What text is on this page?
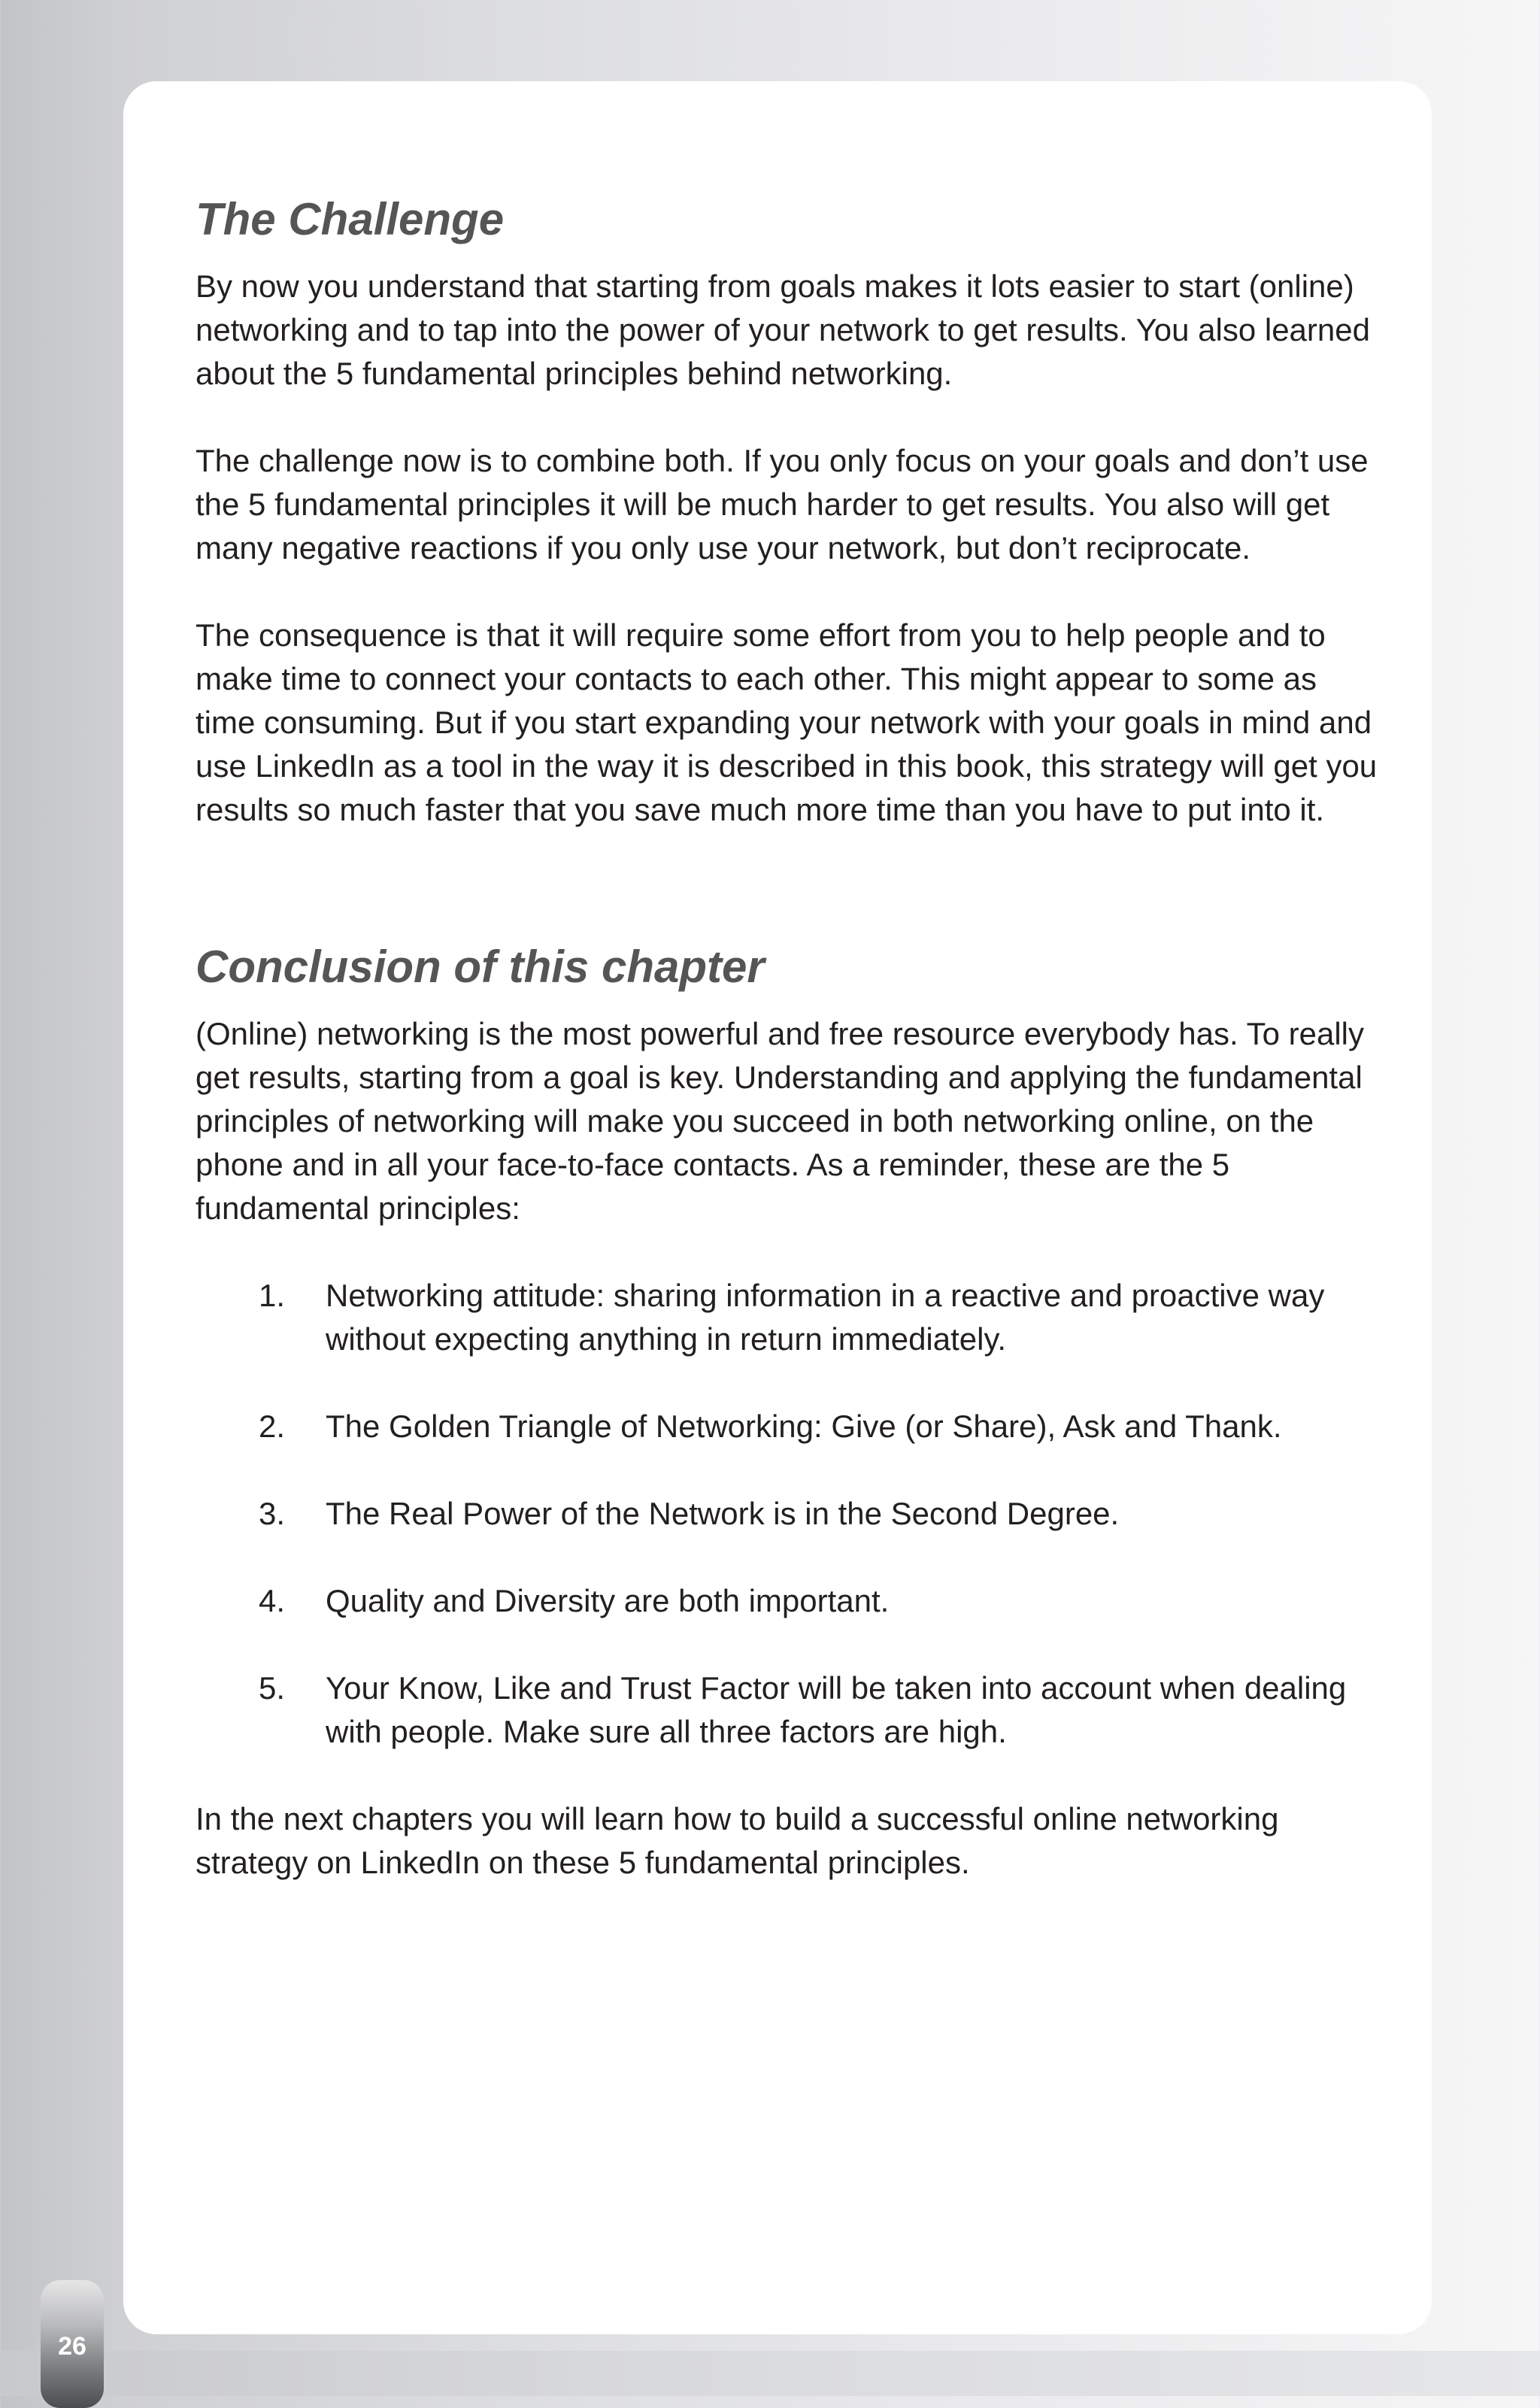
The Challenge

By now you understand that starting from goals makes it lots easier to start (online) networking and to tap into the power of your network to get results. You also learned about the 5 fundamental principles behind networking.

The challenge now is to combine both. If you only focus on your goals and don’t use the 5 fundamental principles it will be much harder to get results. You also will get many negative reactions if you only use your network, but don’t reciprocate.

The consequence is that it will require some effort from you to help people and to make time to connect your contacts to each other. This might appear to some as time consuming. But if you start expanding your network with your goals in mind and use LinkedIn as a tool in the way it is described in this book, this strategy will get you results so much faster that you save much more time than you have to put into it.

Conclusion of this chapter

(Online) networking is the most powerful and free resource everybody has. To really get results, starting from a goal is key. Understanding and applying the fundamental principles of networking will make you succeed in both networking online, on the phone and in all your face-to-face contacts. As a reminder, these are the 5 fundamental principles:

1.	Networking attitude: sharing information in a reactive and proactive way without expecting anything in return immediately.
2.	The Golden Triangle of Networking: Give (or Share), Ask and Thank.
3.	The Real Power of the Network is in the Second Degree.
4.	Quality and Diversity are both important.
5.	Your Know, Like and Trust Factor will be taken into account when dealing with people. Make sure all three factors are high.

In the next chapters you will learn how to build a successful online networking strategy on LinkedIn on these 5 fundamental principles.

26
